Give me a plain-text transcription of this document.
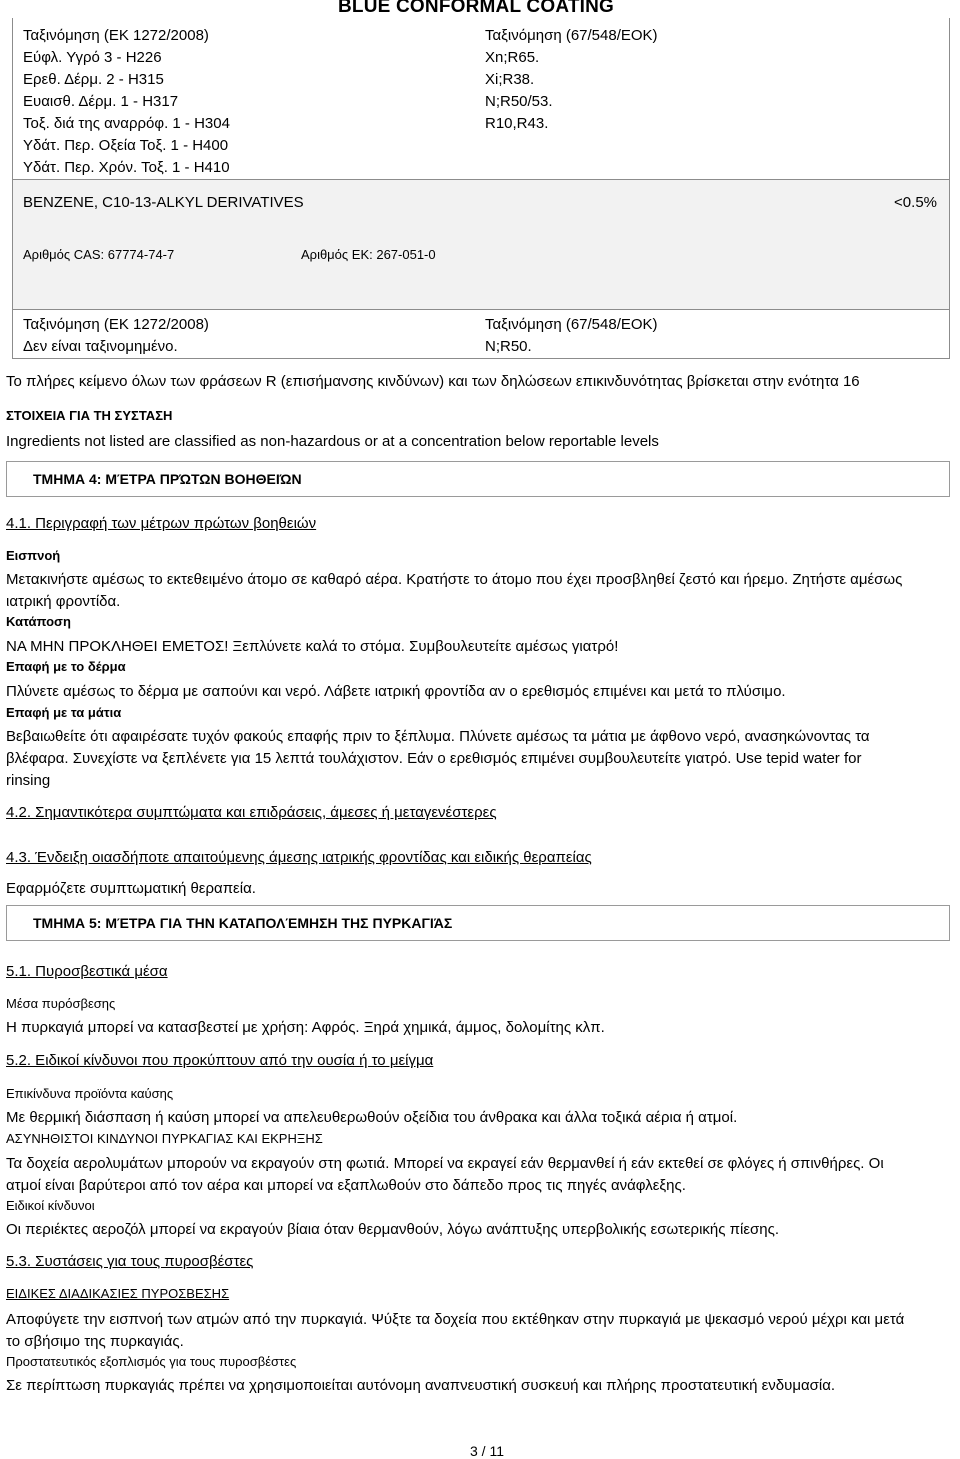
BLUE CONFORMAL COATING
Ταξινόμηση (ΕΚ 1272/2008)
Εύφλ. Υγρό 3 - H226
Ερεθ. Δέρμ. 2 - H315
Ευαισθ. Δέρμ. 1 - H317
Τοξ. διά της αναρρόφ. 1 - H304
Υδάτ. Περ. Οξεία Τοξ. 1 - H400
Υδάτ. Περ. Χρόν. Τοξ. 1 - H410
Ταξινόμηση (67/548/ΕΟΚ)
Xn;R65.
Xi;R38.
N;R50/53.
R10,R43.
BENZENE, C10-13-ALKYL DERIVATIVES	<0.5%
Αριθμός CAS: 67774-74-7	Αριθμός ΕΚ: 267-051-0
Ταξινόμηση (ΕΚ 1272/2008)
Δεν είναι ταξινομημένο.
Ταξινόμηση (67/548/ΕΟΚ)
N;R50.
Το πλήρες κείμενο όλων των φράσεων R (επισήμανσης κινδύνων) και των δηλώσεων επικινδυνότητας βρίσκεται στην ενότητα 16
ΣΤΟΙΧΕΙΑ ΓΙΑ ΤΗ ΣΥΣΤΑΣΗ
Ingredients not listed are classified as non-hazardous or at a concentration below reportable levels
ΤΜΗΜΑ 4: ΜΈΤΡΑ ΠΡΏΤΩΝ ΒΟΗΘΕΙΏΝ
4.1. Περιγραφή των μέτρων πρώτων βοηθειών
Εισπνοή
Μετακινήστε αμέσως το εκτεθειμένο άτομο σε καθαρό αέρα. Κρατήστε το άτομο που έχει προσβληθεί ζεστό και ήρεμο. Ζητήστε αμέσως ιατρική φροντίδα.
Κατάποση
ΝΑ ΜΗΝ ΠΡΟΚΛΗΘΕΙ ΕΜΕΤΟΣ! Ξεπλύνετε καλά το στόμα. Συμβουλευτείτε αμέσως γιατρό!
Επαφή με το δέρμα
Πλύνετε αμέσως το δέρμα με σαπούνι και νερό. Λάβετε ιατρική φροντίδα αν ο ερεθισμός επιμένει και μετά το πλύσιμο.
Επαφή με τα μάτια
Βεβαιωθείτε ότι αφαιρέσατε τυχόν φακούς επαφής πριν το ξέπλυμα. Πλύνετε αμέσως τα μάτια με άφθονο νερό, ανασηκώνοντας τα βλέφαρα. Συνεχίστε να ξεπλένετε για 15 λεπτά τουλάχιστον. Εάν ο ερεθισμός επιμένει συμβουλευτείτε γιατρό. Use tepid water for rinsing
4.2. Σημαντικότερα συμπτώματα και επιδράσεις, άμεσες ή μεταγενέστερες
4.3. Ένδειξη οιασδήποτε απαιτούμενης άμεσης ιατρικής φροντίδας και ειδικής θεραπείας
Εφαρμόζετε συμπτωματική θεραπεία.
ΤΜΗΜΑ 5: ΜΈΤΡΑ ΓΙΑ ΤΗΝ ΚΑΤΑΠΟΛΈΜΗΣΗ ΤΗΣ ΠΥΡΚΑΓΙΆΣ
5.1. Πυροσβεστικά μέσα
Μέσα πυρόσβεσης
Η πυρκαγιά μπορεί να κατασβεστεί με χρήση: Αφρός. Ξηρά χημικά, άμμος, δολομίτης κλπ.
5.2. Ειδικοί κίνδυνοι που προκύπτουν από την ουσία ή το μείγμα
Επικίνδυνα προϊόντα καύσης
Με θερμική διάσπαση ή καύση μπορεί να απελευθερωθούν οξείδια του άνθρακα και άλλα τοξικά αέρια ή ατμοί.
ΑΣΥΝΗΘΙΣΤΟΙ ΚΙΝΔΥΝΟΙ ΠΥΡΚΑΓΙΑΣ ΚΑΙ ΕΚΡΗΞΗΣ
Τα δοχεία αερολυμάτων μπορούν να εκραγούν στη φωτιά. Μπορεί να εκραγεί εάν θερμανθεί ή εάν εκτεθεί σε φλόγες ή σπινθήρες. Οι ατμοί είναι βαρύτεροι από τον αέρα και μπορεί να εξαπλωθούν στο δάπεδο προς τις πηγές ανάφλεξης.
Ειδικοί κίνδυνοι
Οι περιέκτες αεροζόλ μπορεί να εκραγούν βίαια όταν θερμανθούν, λόγω ανάπτυξης υπερβολικής εσωτερικής πίεσης.
5.3. Συστάσεις για τους πυροσβέστες
ΕΙΔΙΚΕΣ ΔΙΑΔΙΚΑΣΙΕΣ ΠΥΡΟΣΒΕΣΗΣ
Αποφύγετε την εισπνοή των ατμών από την πυρκαγιά. Ψύξτε τα δοχεία που εκτέθηκαν στην πυρκαγιά με ψεκασμό νερού μέχρι και μετά το σβήσιμο της πυρκαγιάς.
Προστατευτικός εξοπλισμός για τους πυροσβέστες
Σε περίπτωση πυρκαγιάς πρέπει να χρησιμοποιείται αυτόνομη αναπνευστική συσκευή και πλήρης προστατευτική ενδυμασία.
3 / 11
